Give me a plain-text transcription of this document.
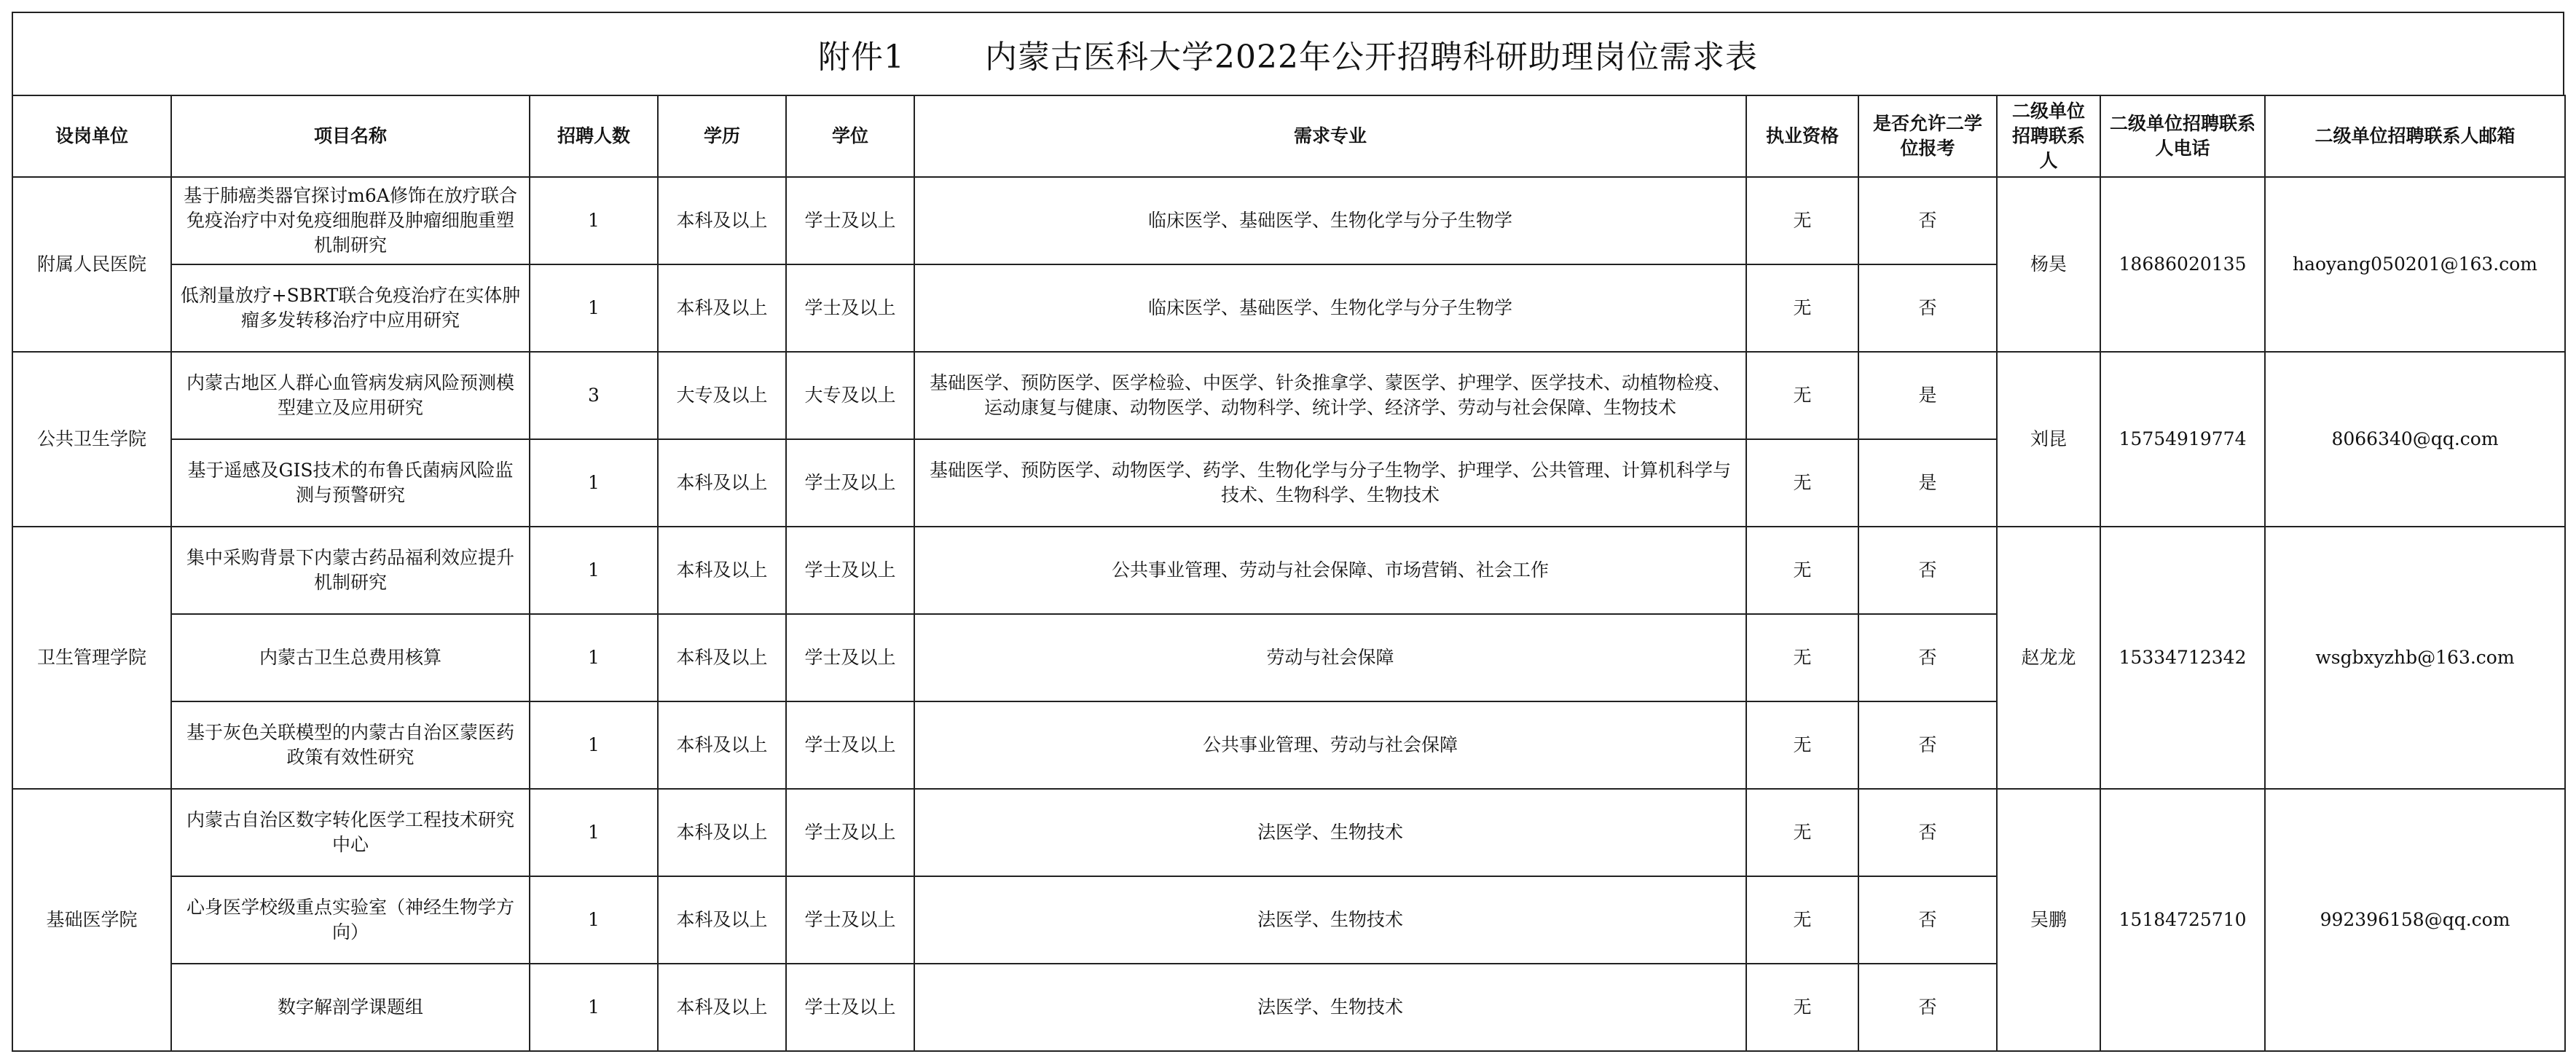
附件1	内蒙古医科大学2022年公开招聘科研助理岗位需求表
设岗单位	项目名称	招聘人数	学历	学位	需求专业	执业资格	是否允许二学位报考	二级单位招聘联系人	二级单位招聘联系人电话	二级单位招聘联系人邮箱
附属人民医院	基于肺癌类器官探讨m6A修饰在放疗联合免疫治疗中对免疫细胞群及肿瘤细胞重塑机制研究	1	本科及以上	学士及以上	临床医学、基础医学、生物化学与分子生物学	无	否	杨昊	18686020135	haoyang050201@163.com
	低剂量放疗+SBRT联合免疫治疗在实体肿瘤多发转移治疗中应用研究	1	本科及以上	学士及以上	临床医学、基础医学、生物化学与分子生物学	无	否			
公共卫生学院	内蒙古地区人群心血管病发病风险预测模型建立及应用研究	3	大专及以上	大专及以上	基础医学、预防医学、医学检验、中医学、针灸推拿学、蒙医学、护理学、医学技术、动植物检疫、运动康复与健康、动物医学、动物科学、统计学、经济学、劳动与社会保障、生物技术	无	是	刘昆	15754919774	8066340@qq.com
	基于遥感及GIS技术的布鲁氏菌病风险监测与预警研究	1	本科及以上	学士及以上	基础医学、预防医学、动物医学、药学、生物化学与分子生物学、护理学、公共管理、计算机科学与技术、生物科学、生物技术	无	是			
卫生管理学院	集中采购背景下内蒙古药品福利效应提升机制研究	1	本科及以上	学士及以上	公共事业管理、劳动与社会保障、市场营销、社会工作	无	否	赵龙龙	15334712342	wsgbxyzhb@163.com
	内蒙古卫生总费用核算	1	本科及以上	学士及以上	劳动与社会保障	无	否			
	基于灰色关联模型的内蒙古自治区蒙医药政策有效性研究	1	本科及以上	学士及以上	公共事业管理、劳动与社会保障	无	否			
基础医学院	内蒙古自治区数字转化医学工程技术研究中心	1	本科及以上	学士及以上	法医学、生物技术	无	否	吴鹏	15184725710	992396158@qq.com
	心身医学校级重点实验室（神经生物学方向）	1	本科及以上	学士及以上	法医学、生物技术	无	否			
	数字解剖学课题组	1	本科及以上	学士及以上	法医学、生物技术	无	否			
